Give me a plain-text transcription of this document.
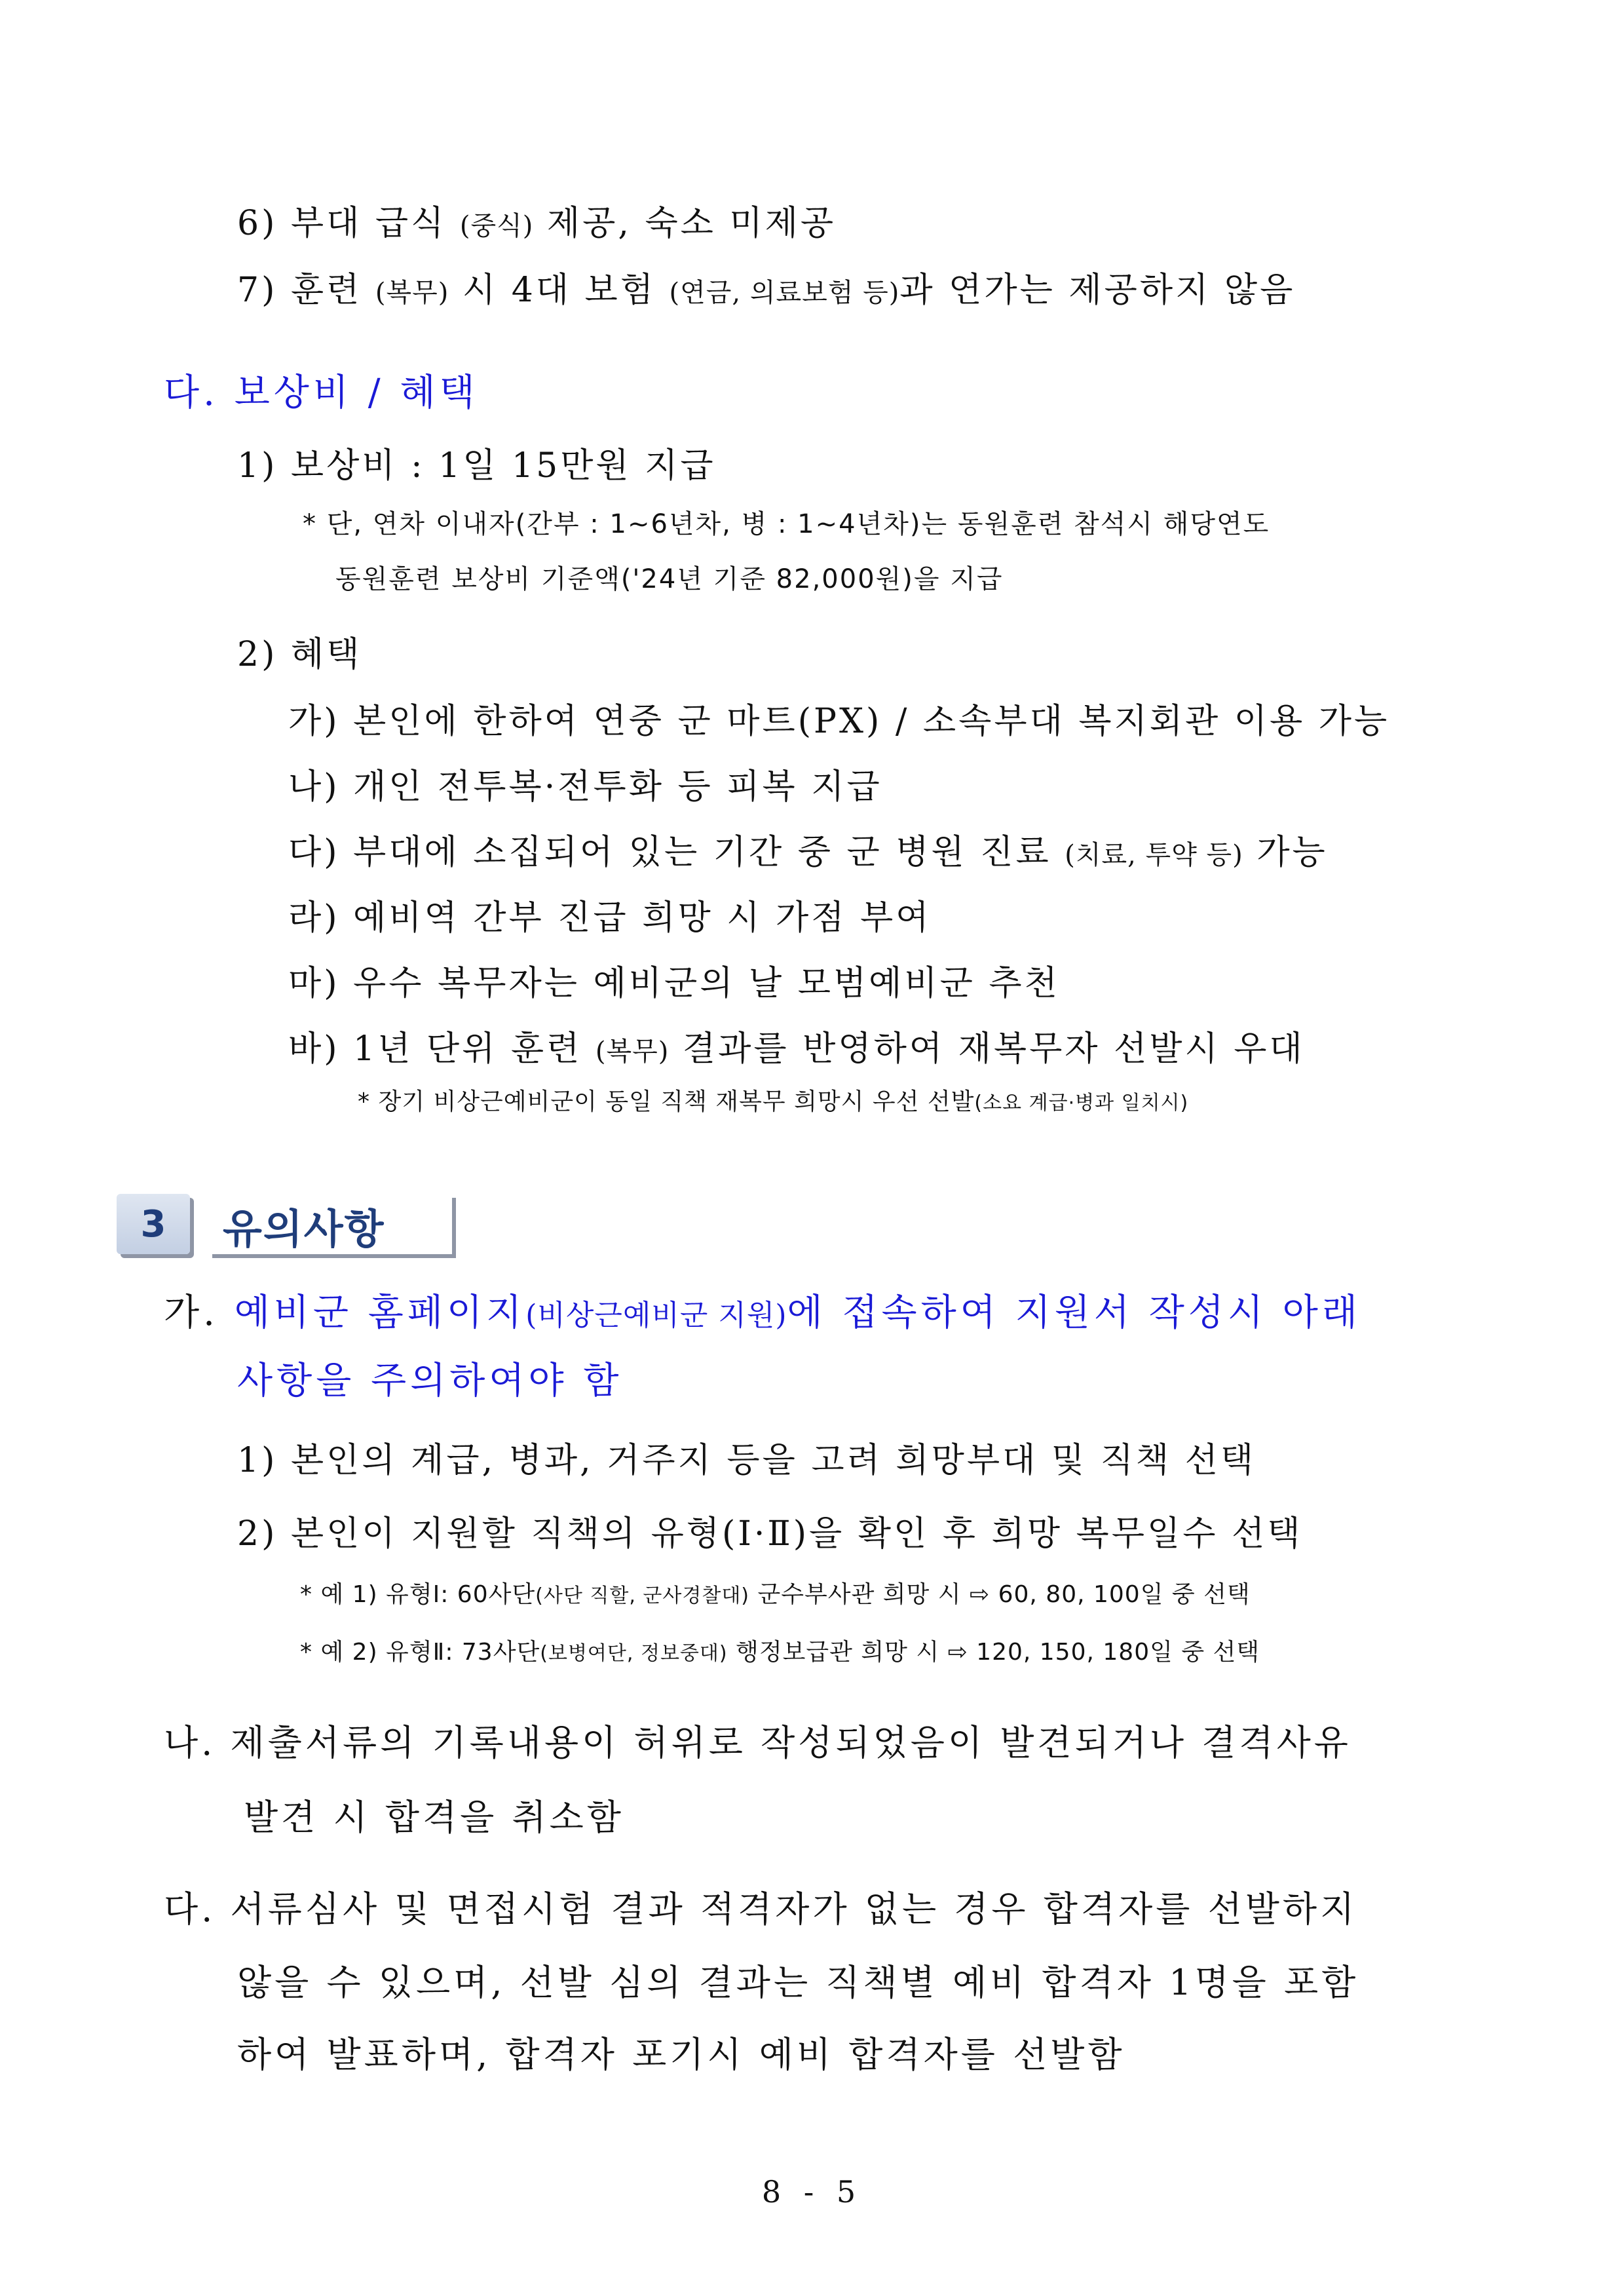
6) 부대 급식 (중식) 제공, 숙소 미제공
7) 훈련 (복무) 시 4대 보험 (연금, 의료보험 등)과 연가는 제공하지 않음
다. 보상비 / 혜택
1) 보상비 : 1일 15만원 지급
* 단, 연차 이내자(간부 : 1∼6년차, 병 : 1∼4년차)는 동원훈련 참석시 해당연도
동원훈련 보상비 기준액('24년 기준 82,000원)을 지급
2) 혜택
가) 본인에 한하여 연중 군 마트(PX) / 소속부대 복지회관 이용 가능
나) 개인 전투복·전투화 등 피복 지급
다) 부대에 소집되어 있는 기간 중 군 병원 진료 (치료, 투약 등) 가능
라) 예비역 간부 진급 희망 시 가점 부여
마) 우수 복무자는 예비군의 날 모범예비군 추천
바) 1년 단위 훈련 (복무) 결과를 반영하여 재복무자 선발시 우대
* 장기 비상근예비군이 동일 직책 재복무 희망시 우선 선발(소요 계급·병과 일치시)
3	유의사항
가. 예비군 홈페이지(비상근예비군 지원)에 접속하여 지원서 작성시 아래
사항을 주의하여야 함
1) 본인의 계급, 병과, 거주지 등을 고려 희망부대 및 직책 선택
2) 본인이 지원할 직책의 유형(Ⅰ·Ⅱ)을 확인 후 희망 복무일수 선택
* 예 1) 유형Ⅰ: 60사단(사단 직할, 군사경찰대) 군수부사관 희망 시 ⇨ 60, 80, 100일 중 선택
* 예 2) 유형Ⅱ: 73사단(보병여단, 정보중대) 행정보급관 희망 시 ⇨ 120, 150, 180일 중 선택
나. 제출서류의 기록내용이 허위로 작성되었음이 발견되거나 결격사유
발견 시 합격을 취소함
다. 서류심사 및 면접시험 결과 적격자가 없는 경우 합격자를 선발하지
않을 수 있으며, 선발 심의 결과는 직책별 예비 합격자 1명을 포함
하여 발표하며, 합격자 포기시 예비 합격자를 선발함
8 - 5
